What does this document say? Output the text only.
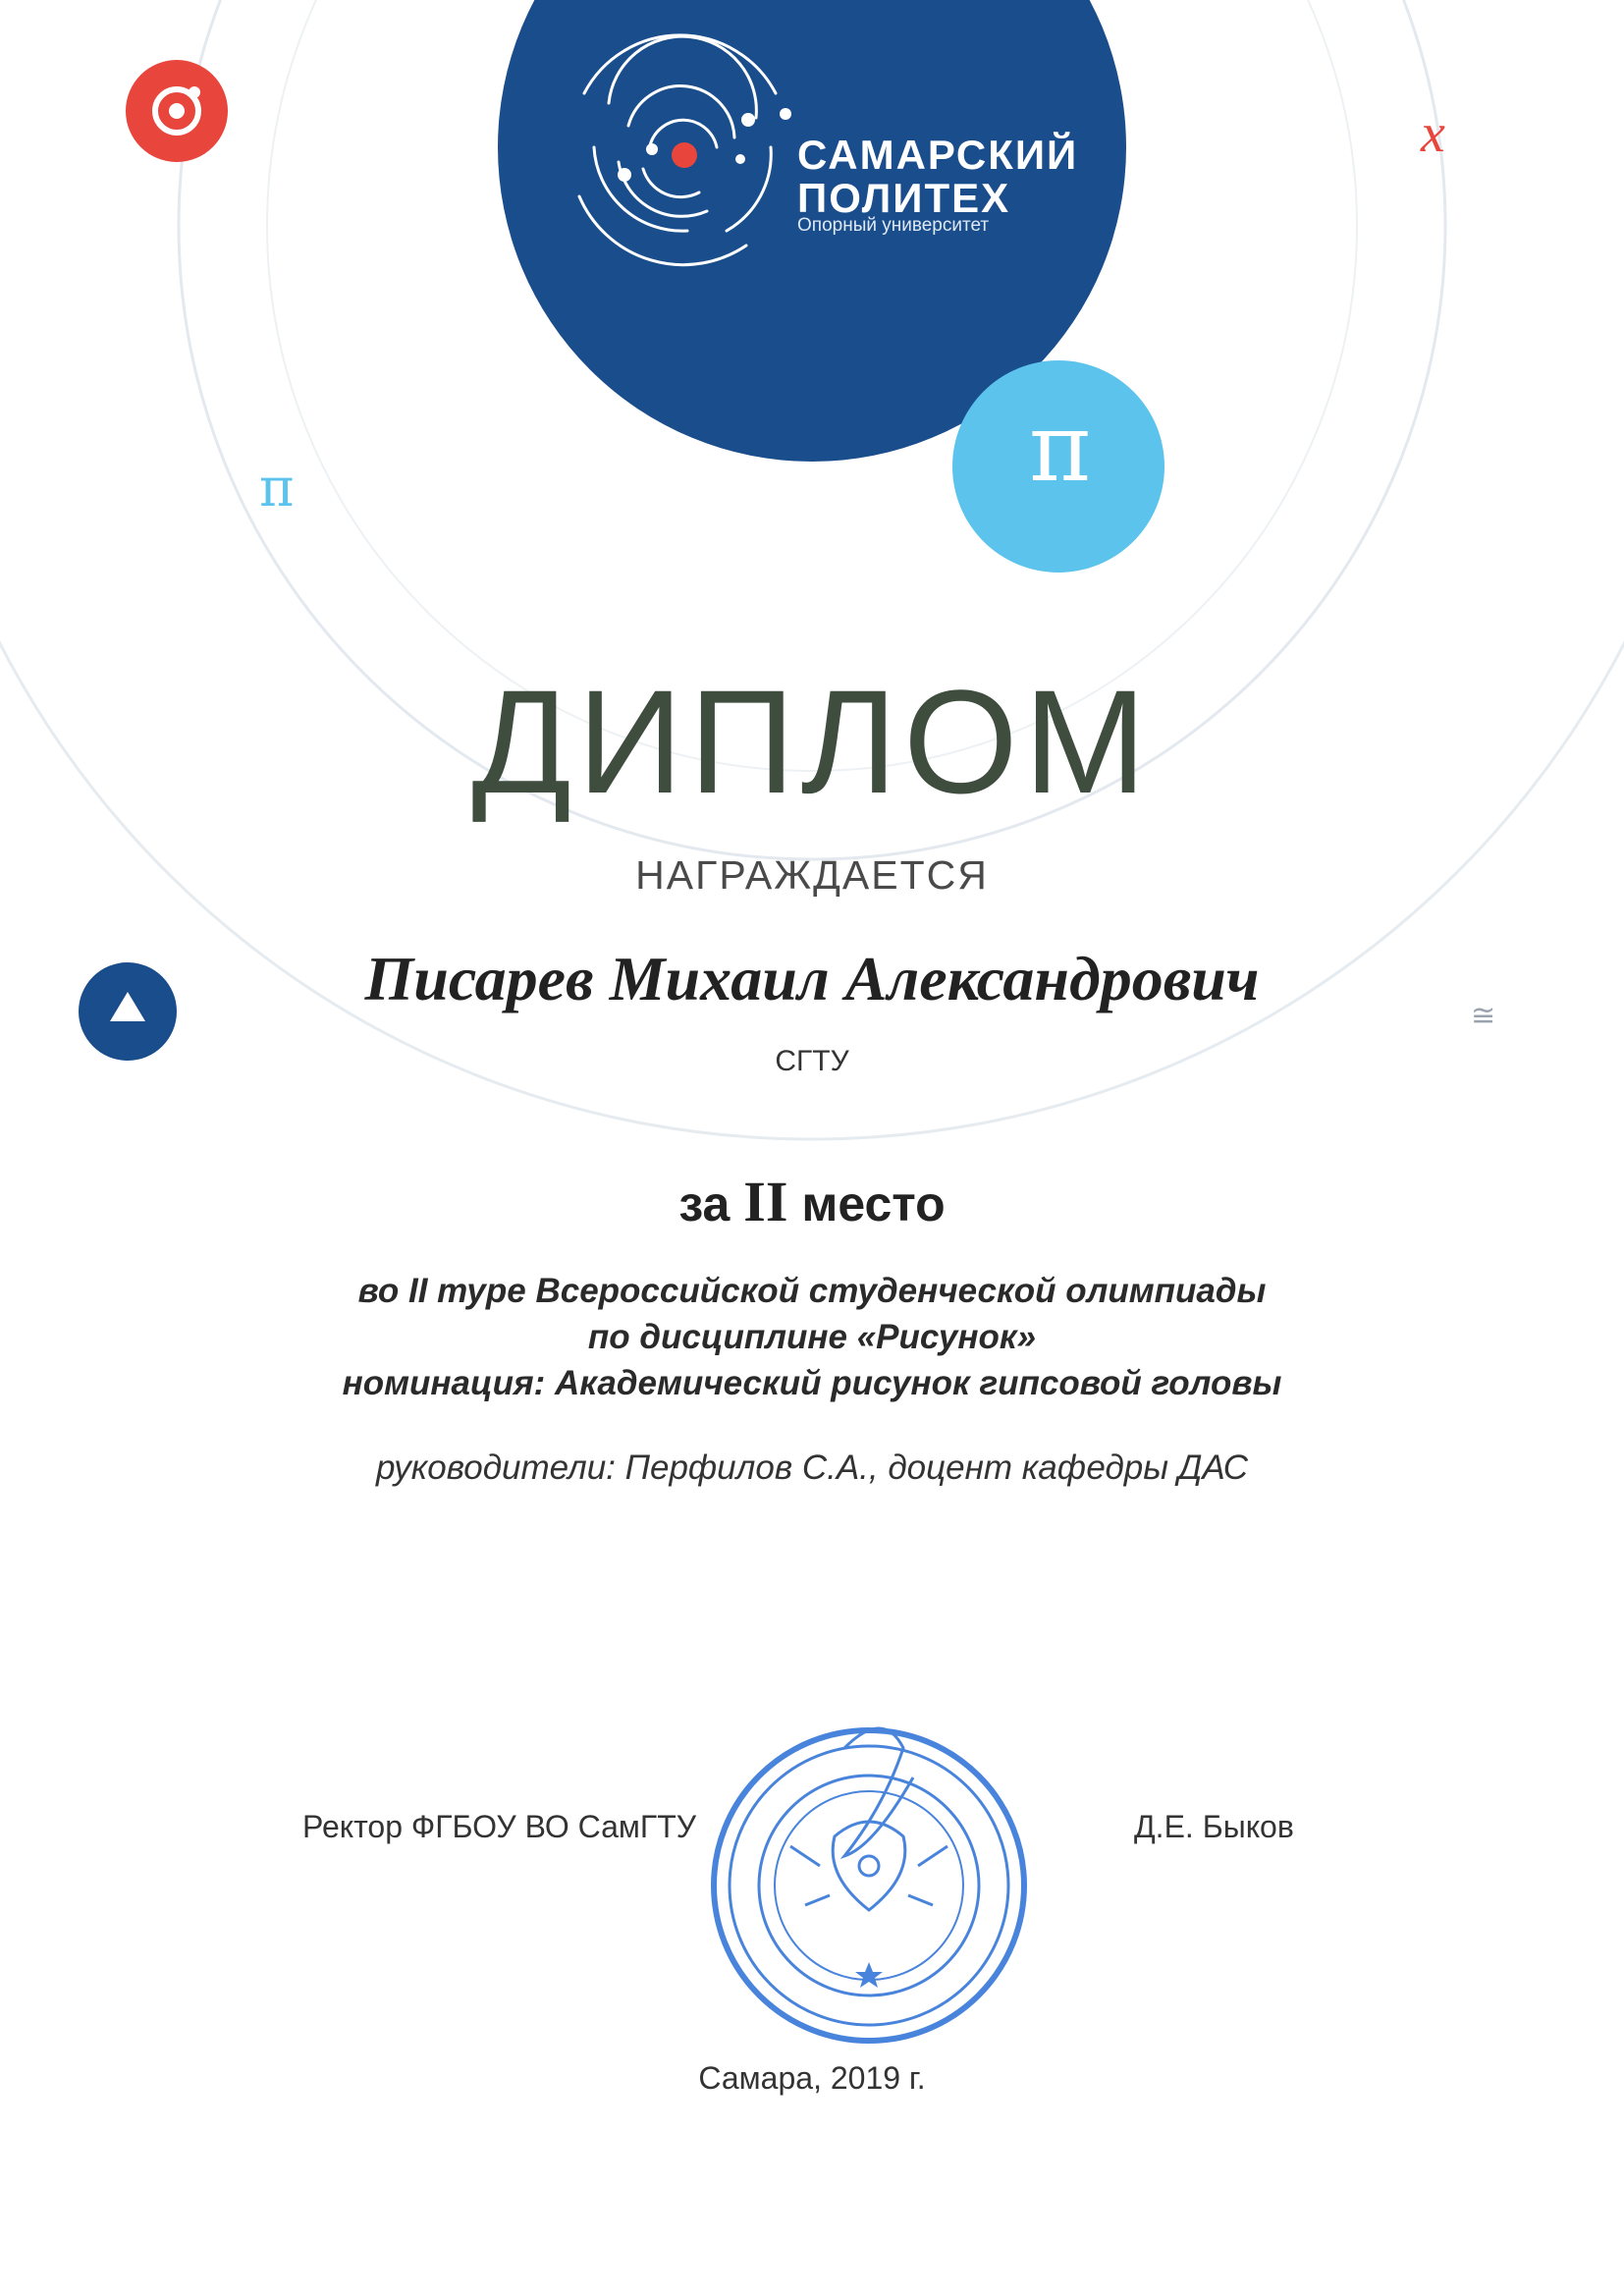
САМАРСКИЙ
ПОЛИТЕХ
Опорный университет
π
π
x
≅
ДИПЛОМ
НАГРАЖДАЕТСЯ
Писарев Михаил Александрович
СГТУ
за II место
во II туре Всероссийской студенческой олимпиады
по дисциплине «Рисунок»
номинация: Академический рисунок гипсовой головы
руководители: Перфилов С.А., доцент кафедры ДАС
Ректор ФГБОУ ВО СамГТУ	Д.Е. Быков
Самара, 2019 г.
